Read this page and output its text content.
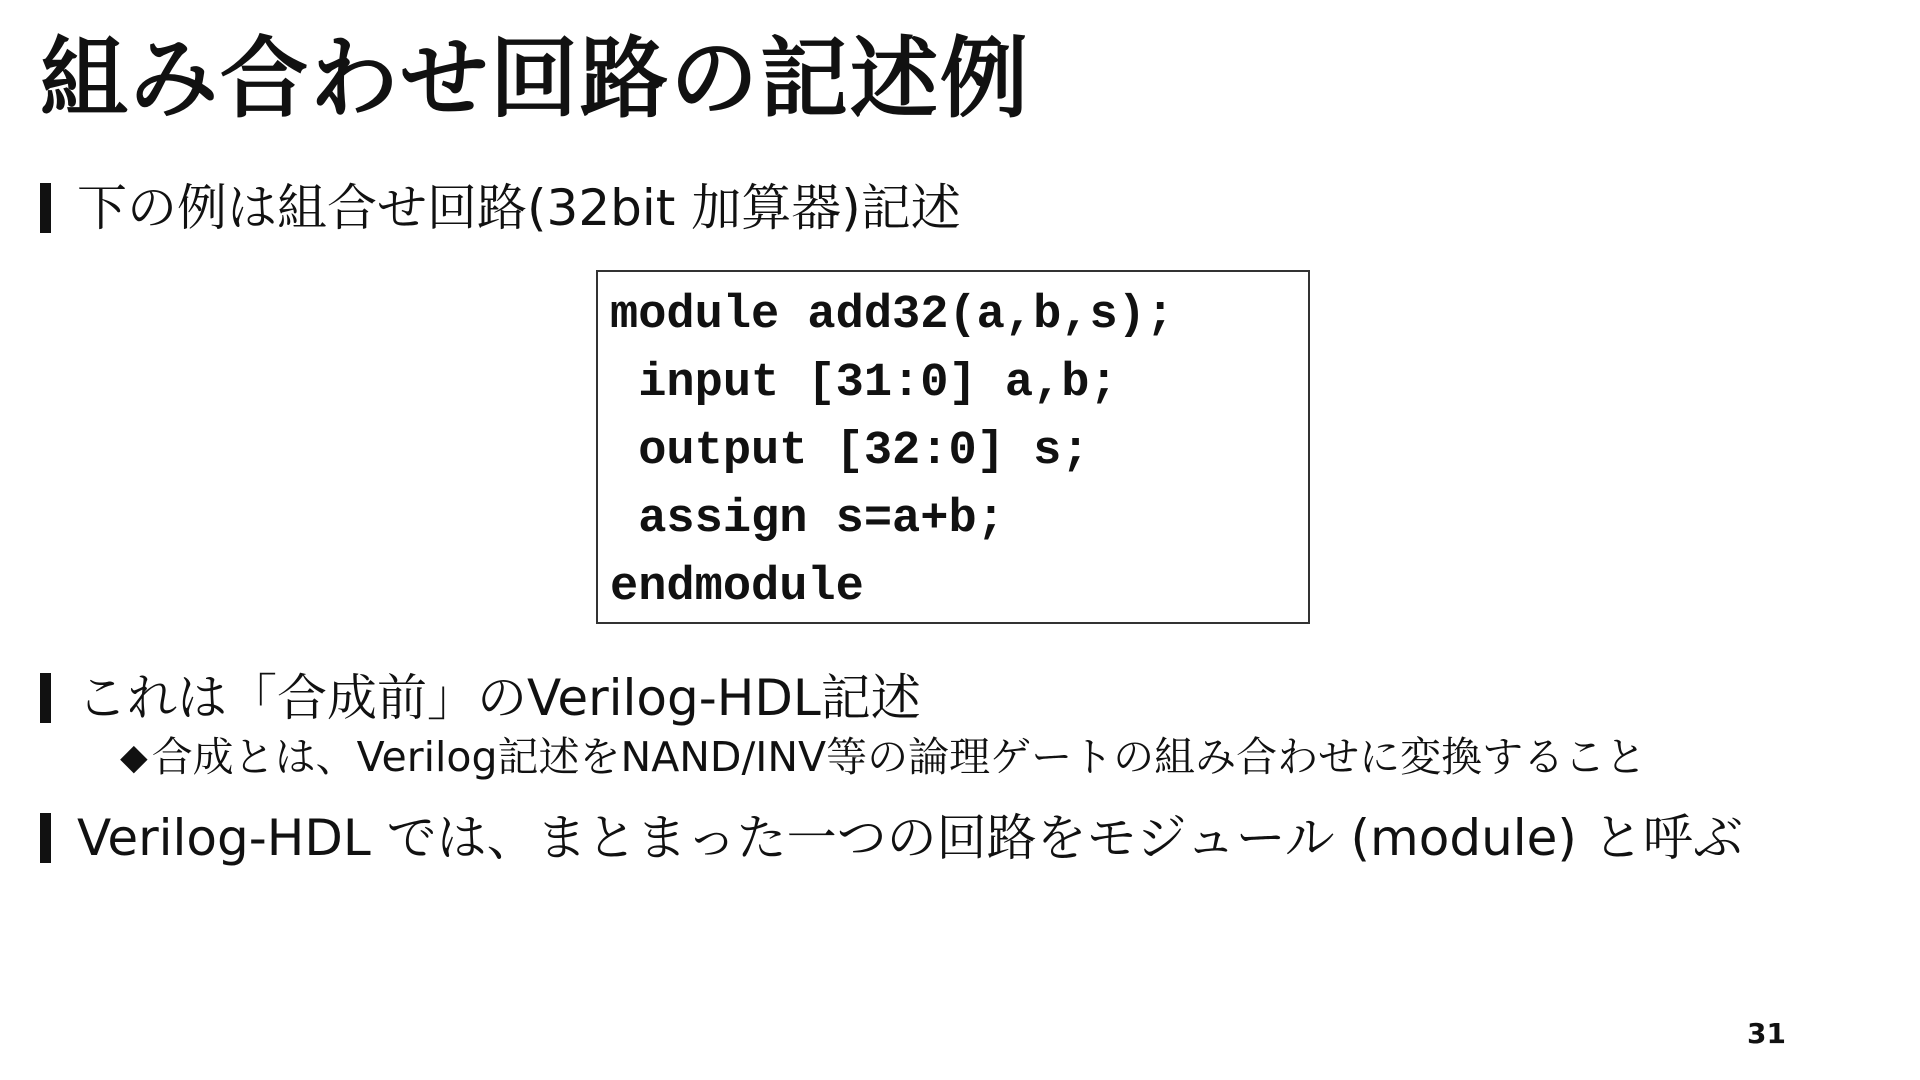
組み合わせ回路の記述例
下の例は組合せ回路(32bit 加算器)記述
module add32(a,b,s);
input [31:0] a,b;
output [32:0] s;
assign s=a+b;
endmodule
これは「合成前」のVerilog-HDL記述
◆ 合成とは、Verilog記述をNAND/INV等の論理ゲートの組み合わせに変換すること
Verilog-HDL では、まとまった一つの回路をモジュール (module) と呼ぶ
31
